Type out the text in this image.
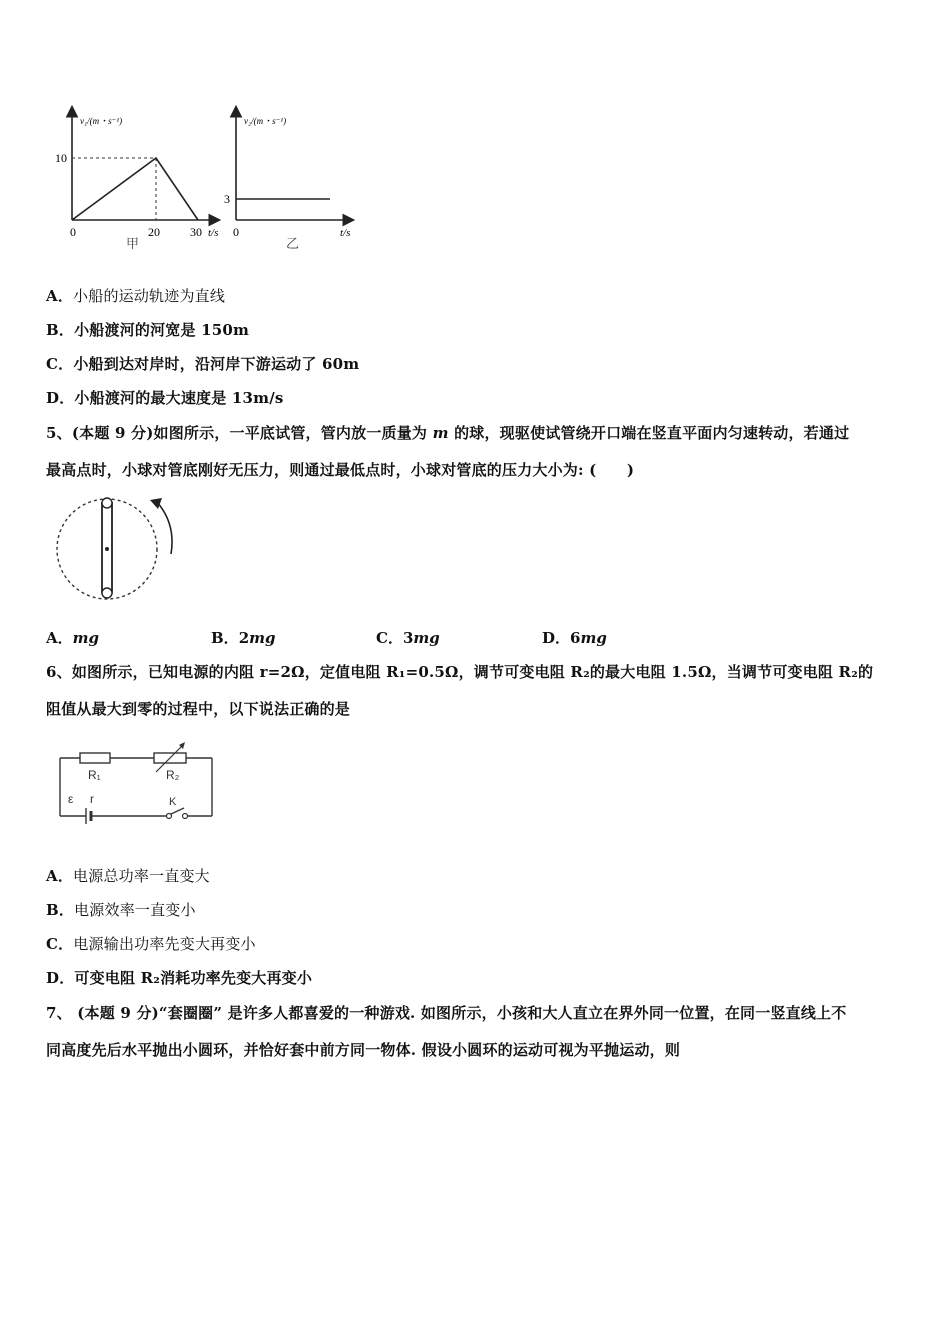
v₁/(m・s⁻¹)
10
0	20	30 t/s
甲
v₂/(m・s⁻¹)
3
0	t/s
乙
A．小船的运动轨迹为直线
B．小船渡河的河宽是 150m
C．小船到达对岸时，沿河岸下游运动了 60m
D．小船渡河的最大速度是 13m/s
5、(本题 9 分)如图所示，一平底试管，管内放一质量为 m 的球，现驱使试管绕开口端在竖直平面内匀速转动，若通过
最高点时，小球对管底刚好无压力，则通过最低点时，小球对管底的压力大小为: (　　)
A．mg	B．2mg	C．3mg	D．6mg
6、如图所示，已知电源的内阻 r=2Ω，定值电阻 R₁=0.5Ω，调节可变电阻 R₂的最大电阻 1.5Ω，当调节可变电阻 R₂的
阻值从最大到零的过程中，以下说法正确的是
R₁	R₂
ε r	K
A．电源总功率一直变大
B．电源效率一直变小
C．电源输出功率先变大再变小
D．可变电阻 R₂消耗功率先变大再变小
7、 (本题 9 分)“套圈圈” 是许多人都喜爱的一种游戏. 如图所示，小孩和大人直立在界外同一位置，在同一竖直线上不
同高度先后水平抛出小圆环，并恰好套中前方同一物体. 假设小圆环的运动可视为平抛运动，则
